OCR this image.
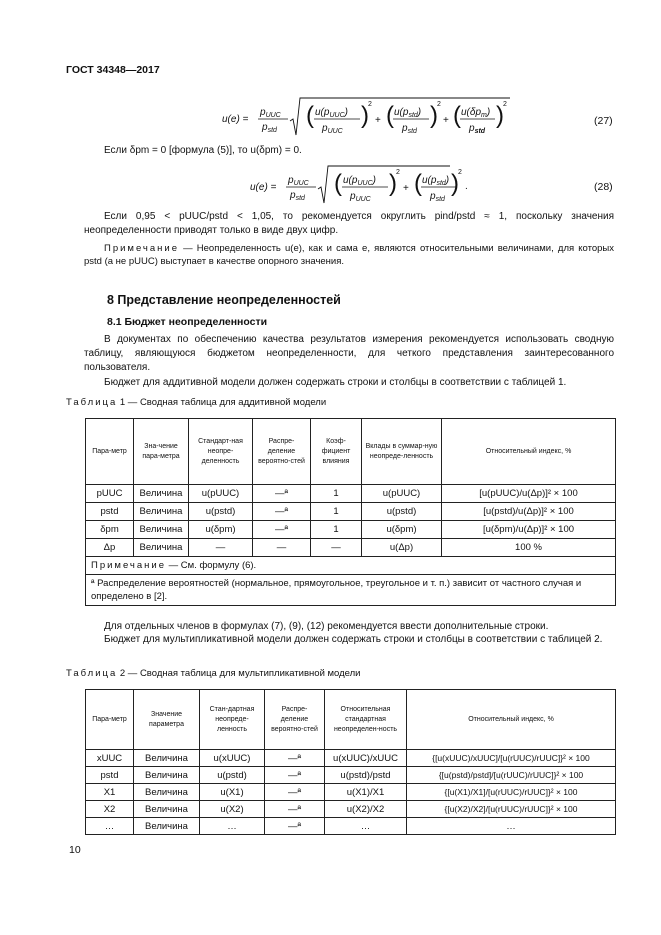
ГОСТ 34348—2017
u(e) =
$p_{UUC}$
$p_{std}$
( $u(p_{UUC})$
$p_{UUC}$
) 2
+ ( $u(p_{std})$
$p_{std}$
) 2
+ ( $u(\delta p_m)$
$p_{std}$
) 2
(27)
Если δpm = 0 [формула (5)], то u(δpm) = 0.
u(e) =
$p_{UUC}$
$p_{std}$
( $u(p_{UUC})$
$p_{UUC}$
) 2
+ ( $u(p_{std})$
$p_{std}$
) 2
.	(28)
Если 0,95 < pUUC/pstd < 1,05, то рекомендуется округлить pind/pstd ≈ 1, поскольку значения неопределенности приводят только в виде двух цифр.
Примечание — Неопределенность u(e), как и сама e, являются относительными величинами, для которых pstd (а не pUUC) выступает в качестве опорного значения.
8 Представление неопределенностей
8.1 Бюджет неопределенности
В документах по обеспечению качества результатов измерения рекомендуется использовать сводную таблицу, являющуюся бюджетом неопределенности, для четкого представления заинтересованного пользователя.
Бюджет для аддитивной модели должен содержать строки и столбцы в соответствии с таблицей 1.
Таблица 1 — Сводная таблица для аддитивной модели
Пара-метр	Зна-чение пара-метра	Стандарт-ная неопре-деленность	Распре-деление вероятно-стей	Коэф-фициент влияния	Вклады в суммар-ную неопреде-ленность	Относительный индекс, %
pUUC	Величина	u(pUUC)	—ª	1	u(pUUC)	[u(pUUC)/u(Δp)]² × 100
pstd	Величина	u(pstd)	—ª	1	u(pstd)	[u(pstd)/u(Δp)]² × 100
δpm	Величина	u(δpm)	—ª	1	u(δpm)	[u(δpm)/u(Δp)]² × 100
Δp	Величина	—	—	—	u(Δp)	100 %
Примечание — См. формулу (6).						
ª Распределение вероятностей (нормальное, прямоугольное, треугольное и т. п.) зависит от частного случая и определено в [2].						
Для отдельных членов в формулах (7), (9), (12) рекомендуется ввести дополнительные строки.
Бюджет для мультипликативной модели должен содержать строки и столбцы в соответствии с таблицей 2.
Таблица 2 — Сводная таблица для мультипликативной модели
Пара-метр	Значение параметра	Стан-дартная неопреде-ленность	Распре-деление вероятно-стей	Относительная стандартная неопределен-ность	Относительный индекс, %
xUUC	Величина	u(xUUC)	—ª	u(xUUC)/xUUC	{[u(xUUC)/xUUC]/[u(rUUC)/rUUC]}² × 100
pstd	Величина	u(pstd)	—ª	u(pstd)/pstd	{[u(pstd)/pstd]/[u(rUUC)/rUUC]}² × 100
X1	Величина	u(X1)	—ª	u(X1)/X1	{[u(X1)/X1]/[u(rUUC)/rUUC]}² × 100
X2	Величина	u(X2)	—ª	u(X2)/X2	{[u(X2)/X2]/[u(rUUC)/rUUC]}² × 100
…	Величина	…	—ª	…	…
10
